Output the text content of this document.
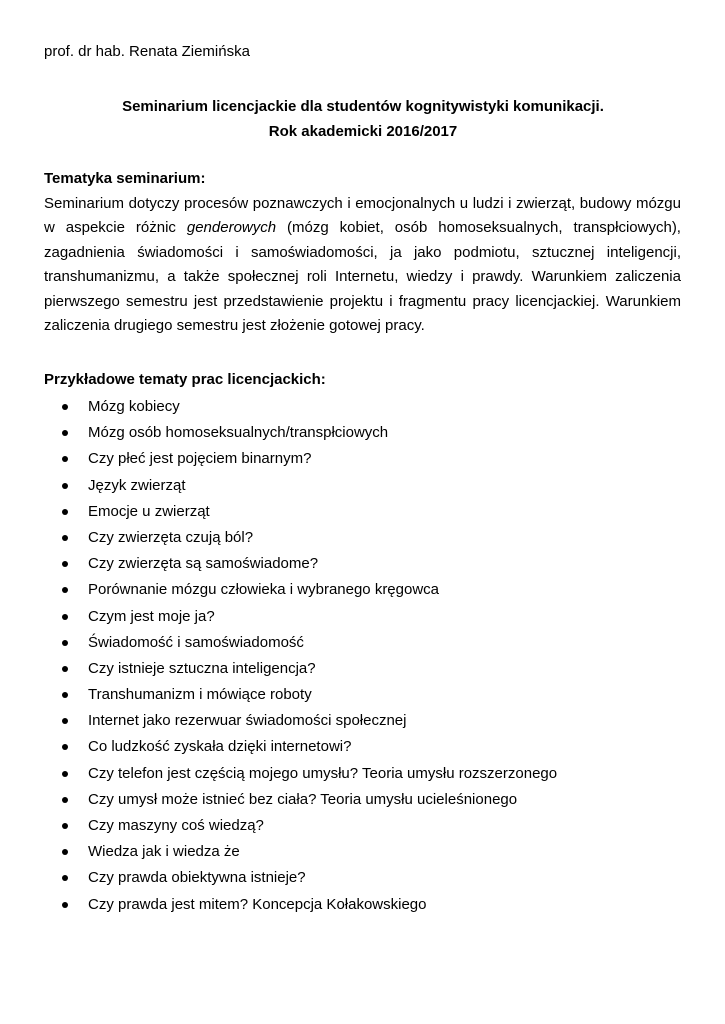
prof. dr hab. Renata Ziemińska
Seminarium licencjackie dla studentów kognitywistyki komunikacji.
Rok akademicki 2016/2017
Tematyka seminarium:

Seminarium dotyczy procesów poznawczych i emocjonalnych u ludzi i zwierząt, budowy mózgu w aspekcie różnic genderowych (mózg kobiet, osób homoseksualnych, transpłciowych), zagadnienia świadomości i samoświadomości, ja jako podmiotu, sztucznej inteligencji, transhumanizmu, a także społecznej roli Internetu, wiedzy i prawdy. Warunkiem zaliczenia pierwszego semestru jest przedstawienie projektu i fragmentu pracy licencjackiej. Warunkiem zaliczenia drugiego semestru jest złożenie gotowej pracy.

Przykładowe tematy prac licencjackich:
Mózg kobiecy
Mózg osób homoseksualnych/transpłciowych
Czy płeć jest pojęciem binarnym?
Język zwierząt
Emocje u zwierząt
Czy zwierzęta czują ból?
Czy zwierzęta są samoświadome?
Porównanie mózgu człowieka i wybranego kręgowca
Czym jest moje ja?
Świadomość i samoświadomość
Czy istnieje sztuczna inteligencja?
Transhumanizm i mówiące roboty
Internet jako rezerwuar świadomości społecznej
Co ludzkość zyskała dzięki internetowi?
Czy telefon jest częścią mojego umysłu? Teoria umysłu rozszerzonego
Czy umysł może istnieć bez ciała? Teoria umysłu ucieleśnionego
Czy maszyny coś wiedzą?
Wiedza jak i wiedza że
Czy prawda obiektywna istnieje?
Czy prawda jest mitem? Koncepcja Kołakowskiego
